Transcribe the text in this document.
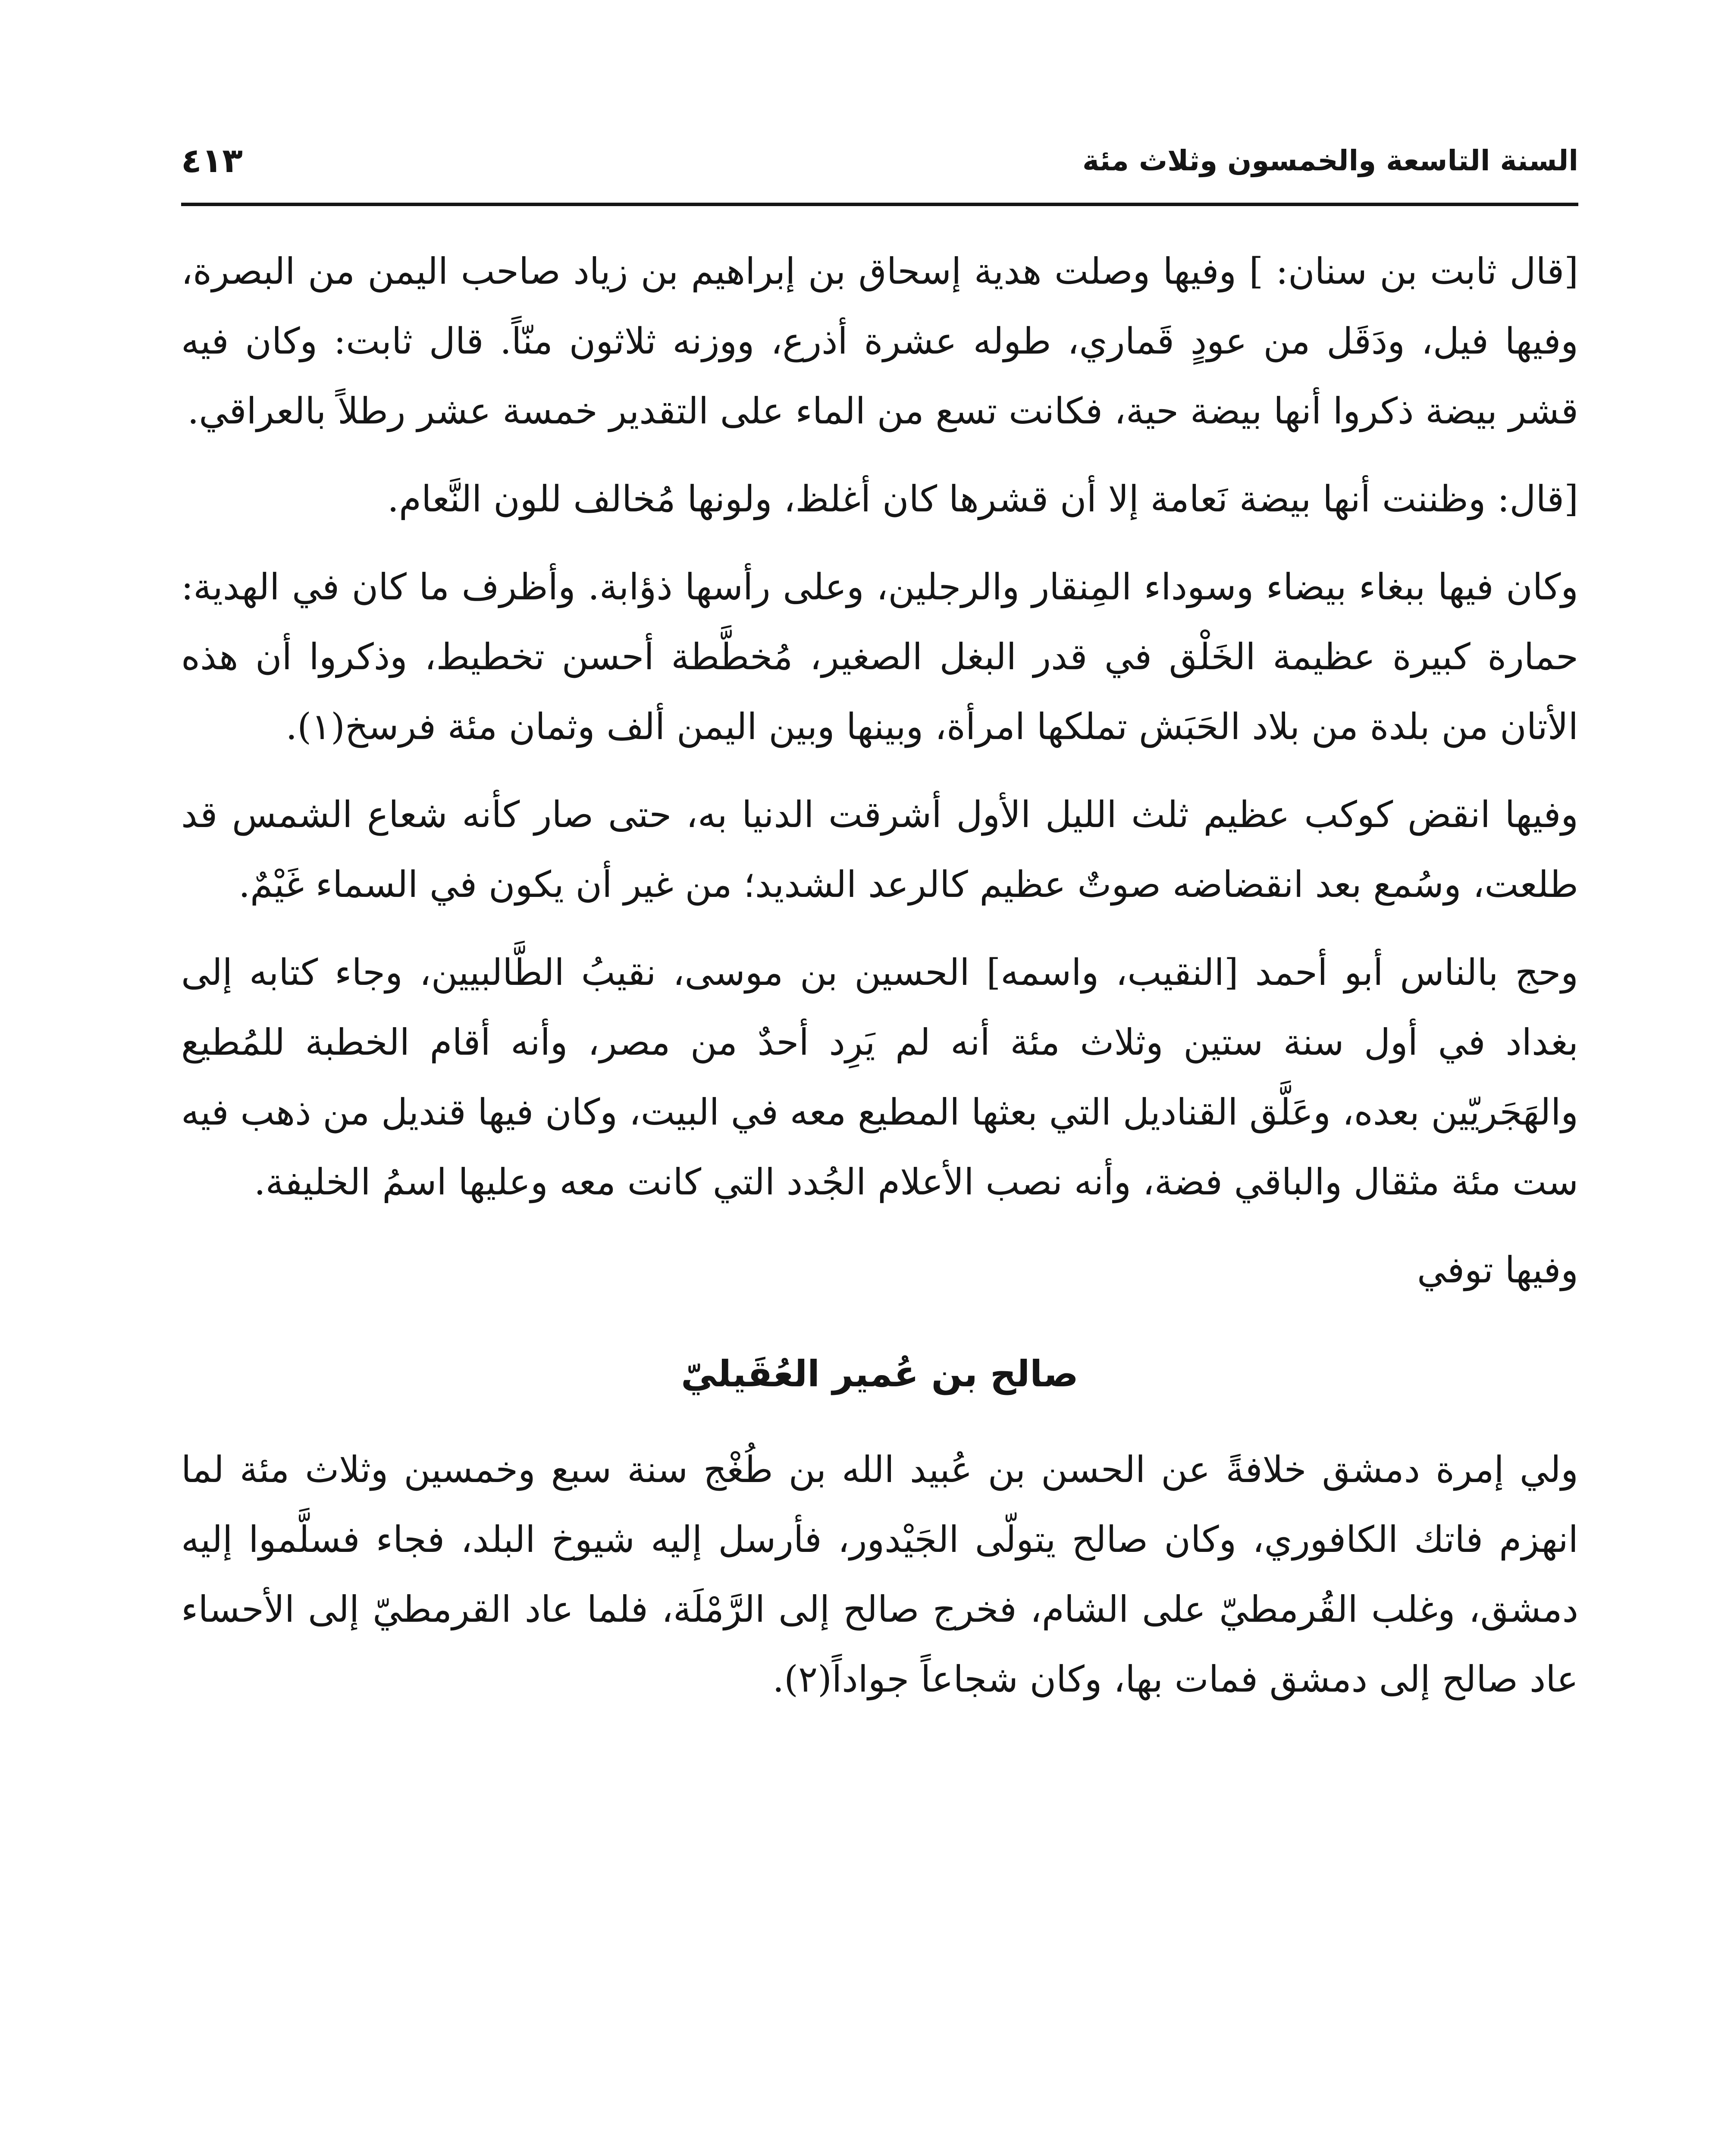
السنة التاسعة والخمسون وثلاث مئة
٤١٣

[قال ثابت بن سنان: ] وفيها وصلت هدية إسحاق بن إبراهيم بن زياد صاحب اليمن من البصرة، وفيها فيل، ودَقَل من عودٍ قَماري، طوله عشرة أذرع، ووزنه ثلاثون منّاً. قال ثابت: وكان فيه قشر بيضة ذكروا أنها بيضة حية، فكانت تسع من الماء على التقدير خمسة عشر رطلاً بالعراقي.

[قال: وظننت أنها بيضة نَعامة إلا أن قشرها كان أغلظ، ولونها مُخالف للون النَّعام.

وكان فيها ببغاء بيضاء وسوداء المِنقار والرجلين، وعلى رأسها ذؤابة. وأظرف ما كان في الهدية: حمارة كبيرة عظيمة الخَلْق في قدر البغل الصغير، مُخطَّطة أحسن تخطيط، وذكروا أن هذه الأتان من بلدة من بلاد الحَبَش تملكها امرأة، وبينها وبين اليمن ألف وثمان مئة فرسخ(١).

وفيها انقض كوكب عظيم ثلث الليل الأول أشرقت الدنيا به، حتى صار كأنه شعاع الشمس قد طلعت، وسُمع بعد انقضاضه صوتٌ عظيم كالرعد الشديد؛ من غير أن يكون في السماء غَيْمٌ.

وحج بالناس أبو أحمد [النقيب، واسمه] الحسين بن موسى، نقيبُ الطَّالبيين، وجاء كتابه إلى بغداد في أول سنة ستين وثلاث مئة أنه لم يَرِد أحدٌ من مصر، وأنه أقام الخطبة للمُطيع والهَجَريّين بعده، وعَلَّق القناديل التي بعثها المطيع معه في البيت، وكان فيها قنديل من ذهب فيه ست مئة مثقال والباقي فضة، وأنه نصب الأعلام الجُدد التي كانت معه وعليها اسمُ الخليفة.

وفيها توفي

صالح بن عُمير العُقَيليّ

ولي إمرة دمشق خلافةً عن الحسن بن عُبيد الله بن طُغْج سنة سبع وخمسين وثلاث مئة لما انهزم فاتك الكافوري، وكان صالح يتولّى الجَيْدور، فأرسل إليه شيوخ البلد، فجاء فسلَّموا إليه دمشق، وغلب القُرمطيّ على الشام، فخرج صالح إلى الرَّمْلَة، فلما عاد القرمطيّ إلى الأحساء عاد صالح إلى دمشق فمات بها، وكان شجاعاً جواداً(٢).
